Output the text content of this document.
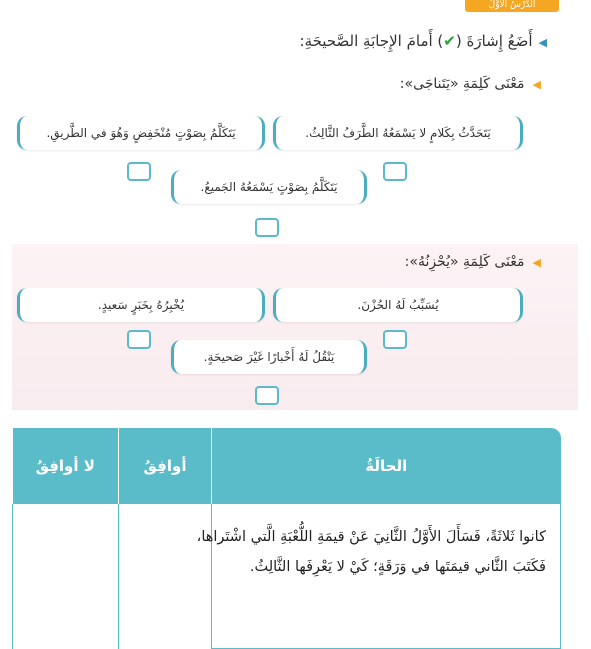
الدَّرْسُ الأوَّلُ
◀أَضَعُ إِشارَةَ (✔) أَمامَ الإِجابَةِ الصَّحيحَةِ:
◀مَعْنَى كَلِمَةِ «يَتَناجَى»:
يَتَحَدَّثُ بِكَلامٍ لا يَسْمَعُهُ الطَّرَفُ الثَّالِثُ.
يَتَكَلَّمُ بِصَوْتٍ مُنْخَفِضٍ وَهُوَ في الطَّريقِ.
يَتَكَلَّمُ بِصَوْتٍ يَسْمَعُهُ الجَميعُ.
◀مَعْنَى كَلِمَةِ «يُحْزِنُهُ»:
يُسَبِّبُ لَهُ الحُزْنَ.
يُخْبِرُهُ بِخَبَرٍ سَعيدٍ.
يَنْقُلُ لَهُ أَخْبارًا غَيْرَ صَحيحَةٍ.
الحالَةُ	أوافِقُ	لا أوافِقُ

كانوا ثَلاثَةً، فَسَأَلَ الأَوَّلُ الثَّانِيَ عَنْ قيمَةِ اللُّعْبَةِ الَّتي اشْتَراها،
فَكَتَبَ الثَّاني قيمَتَها في وَرَقَةٍ؛ كَيْ لا يَعْرِفَها الثَّالِثُ.		
